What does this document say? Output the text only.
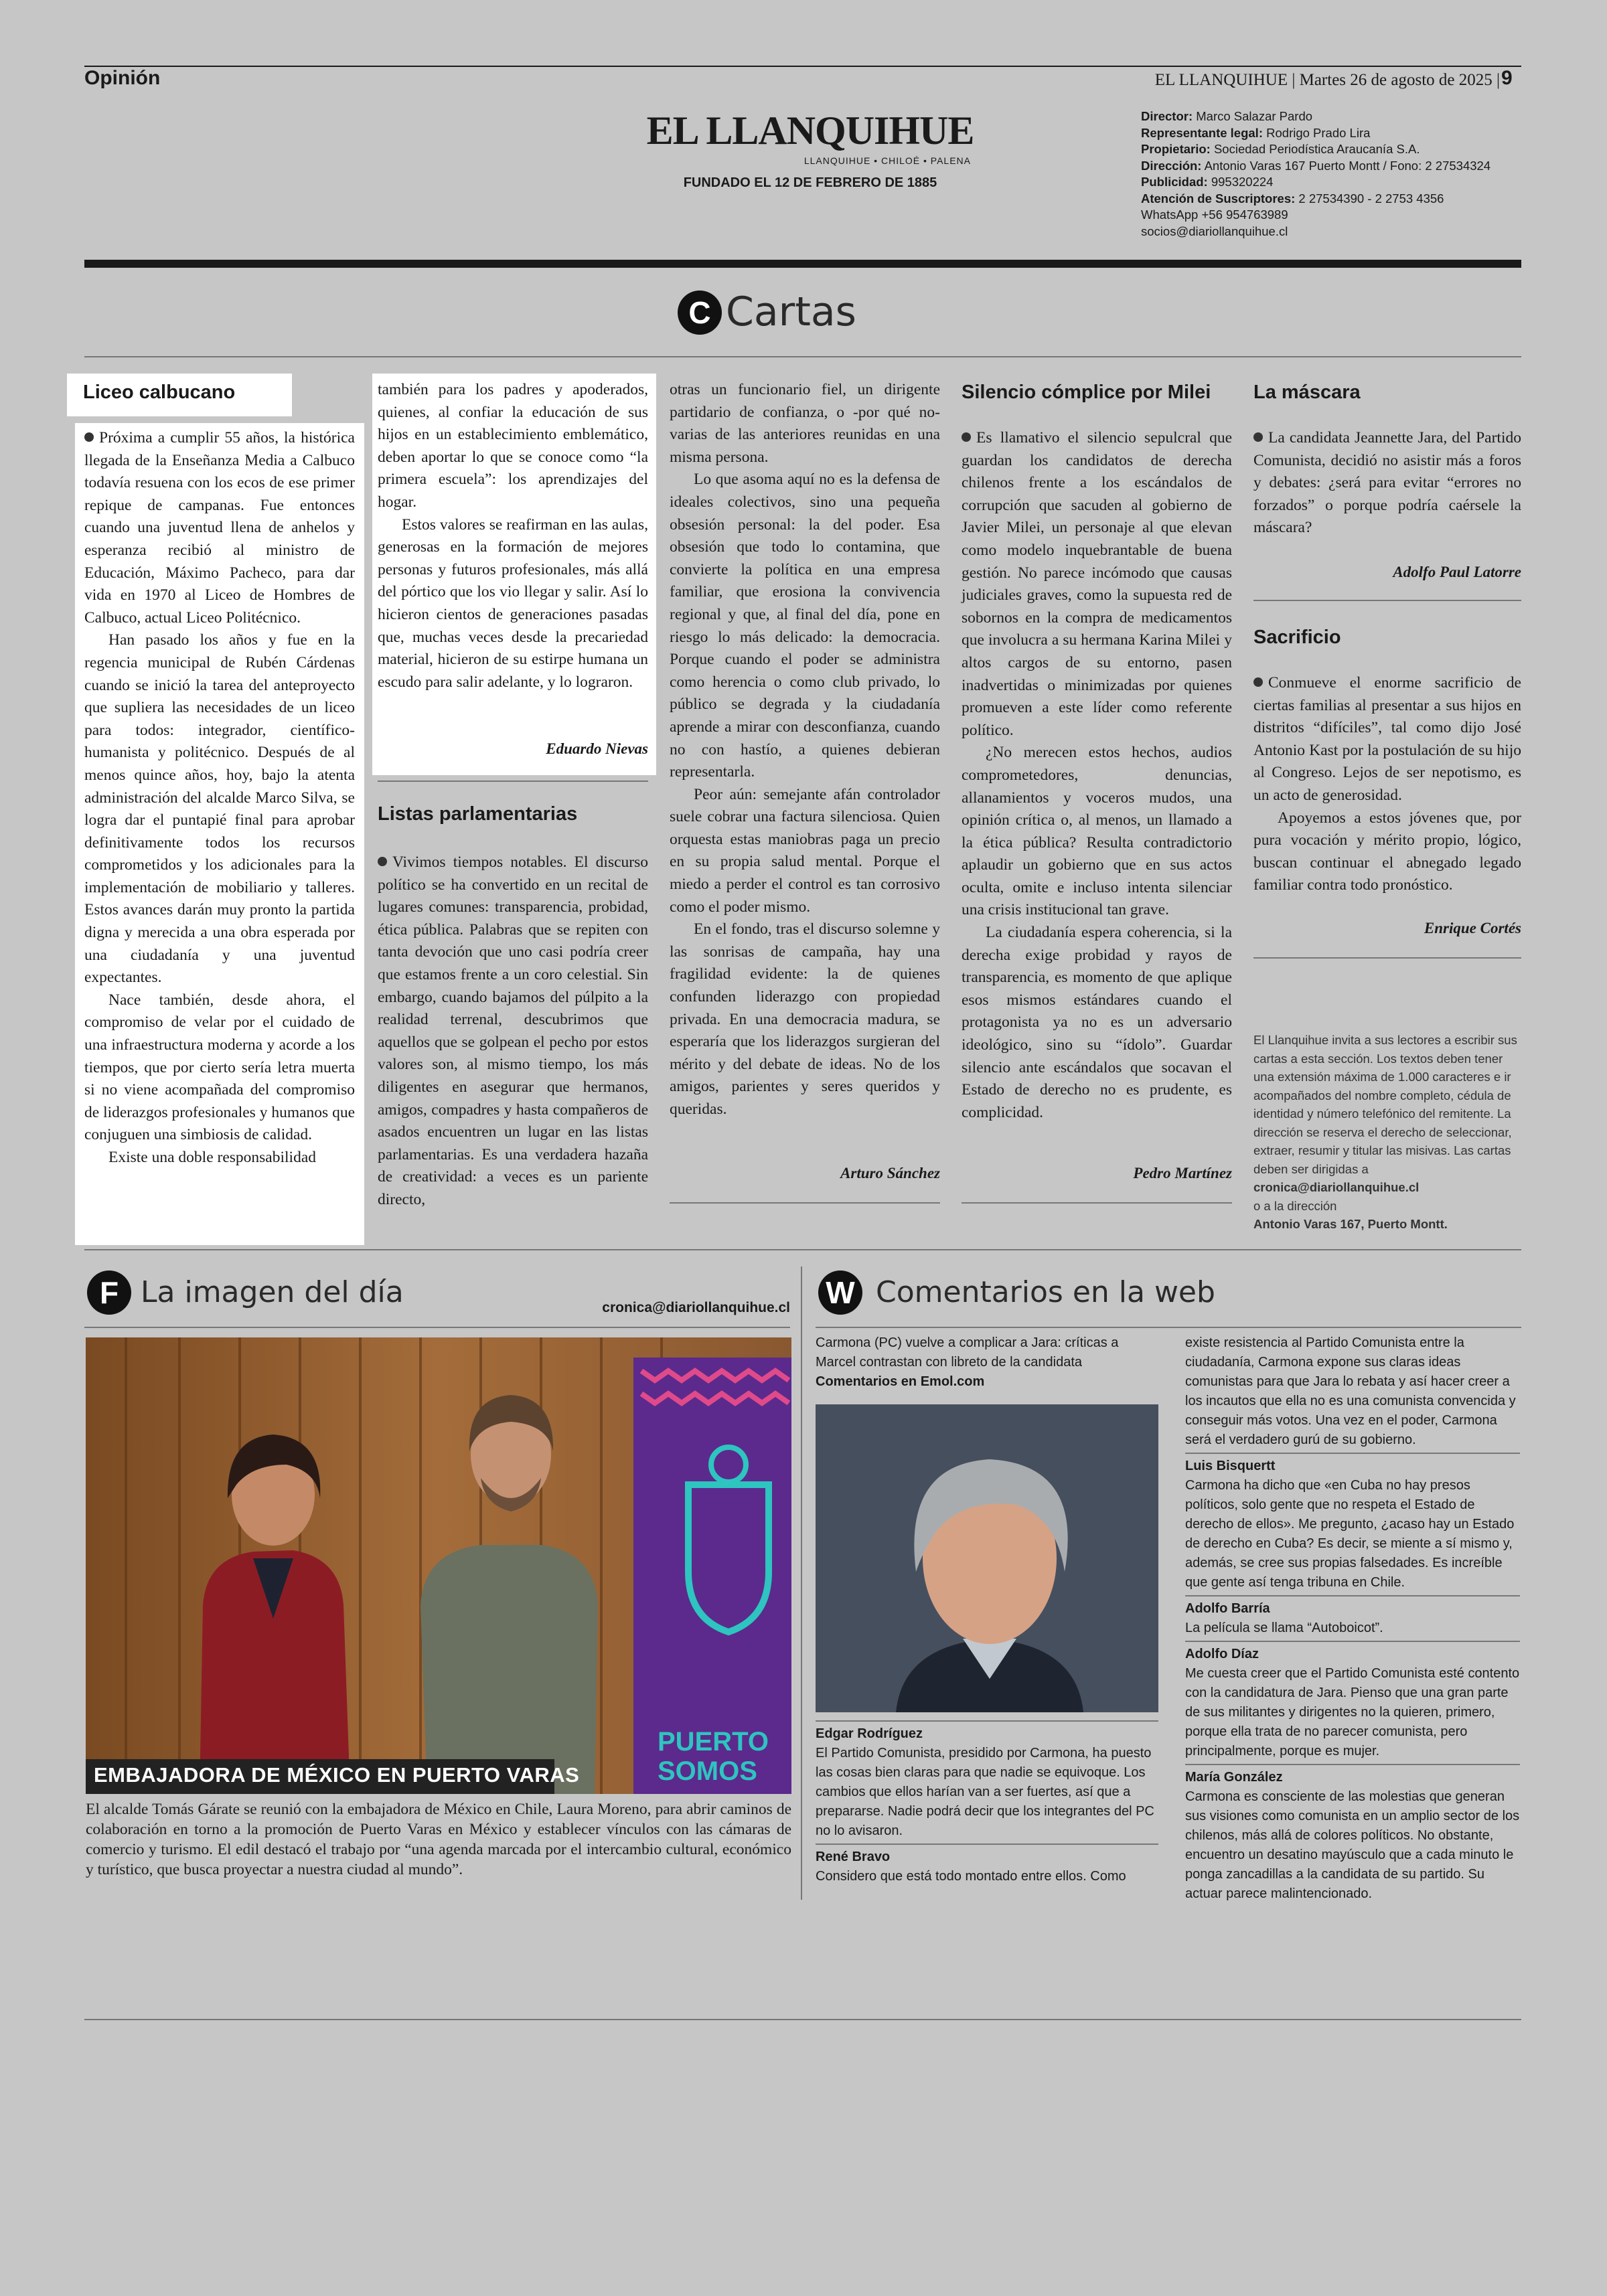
Opinión	EL LLANQUIHUE | Martes 26 de agosto de 2025 | 9
EL LLANQUIHUE
LLANQUIHUE • CHILOÉ • PALENA
FUNDADO EL 12 DE FEBRERO DE 1885
Director: Marco Salazar Pardo
Representante legal: Rodrigo Prado Lira
Propietario: Sociedad Periodística Araucanía S.A.
Dirección: Antonio Varas 167 Puerto Montt / Fono: 2 27534324
Publicidad: 995320224
Atención de Suscriptores: 2 27534390 - 2 2753 4356
WhatsApp +56 954763989
socios@diariollanquihue.cl
C Cartas
Liceo calbucano

Próxima a cumplir 55 años, la histórica llegada de la Enseñanza Media a Calbuco todavía resuena con los ecos de ese primer repique de campanas. Fue entonces cuando una juventud llena de anhelos y esperanza recibió al ministro de Educación, Máximo Pacheco, para dar vida en 1970 al Liceo de Hombres de Calbuco, actual Liceo Politécnico.

Han pasado los años y fue en la regencia municipal de Rubén Cárdenas cuando se inició la tarea del anteproyecto que supliera las necesidades de un liceo para todos: integrador, científico-humanista y politécnico. Después de al menos quince años, hoy, bajo la atenta administración del alcalde Marco Silva, se logra dar el puntapié final para aprobar definitivamente todos los recursos comprometidos y los adicionales para la implementación de mobiliario y talleres. Estos avances darán muy pronto la partida digna y merecida a una obra esperada por una ciudadanía y una juventud expectantes.

Nace también, desde ahora, el compromiso de velar por el cuidado de una infraestructura moderna y acorde a los tiempos, que por cierto sería letra muerta si no viene acompañada del compromiso de liderazgos profesionales y humanos que conjuguen una simbiosis de calidad.

Existe una doble responsabilidad

también para los padres y apoderados, quienes, al confiar la educación de sus hijos en un establecimiento emblemático, deben aportar lo que se conoce como “la primera escuela”: los aprendizajes del hogar.

Estos valores se reafirman en las aulas, generosas en la formación de mejores personas y futuros profesionales, más allá del pórtico que los vio llegar y salir. Así lo hicieron cientos de generaciones pasadas que, muchas veces desde la precariedad material, hicieron de su estirpe humana un escudo para salir adelante, y lo lograron.

Eduardo Nievas
Listas parlamentarias

Vivimos tiempos notables. El discurso político se ha convertido en un recital de lugares comunes: transparencia, probidad, ética pública. Palabras que se repiten con tanta devoción que uno casi podría creer que estamos frente a un coro celestial. Sin embargo, cuando bajamos del púlpito a la realidad terrenal, descubrimos que aquellos que se golpean el pecho por estos valores son, al mismo tiempo, los más diligentes en asegurar que hermanos, amigos, compadres y hasta compañeros de asados encuentren un lugar en las listas parlamentarias. Es una verdadera hazaña de creatividad: a veces es un pariente directo,

otras un funcionario fiel, un dirigente partidario de confianza, o -por qué no- varias de las anteriores reunidas en una misma persona.

Lo que asoma aquí no es la defensa de ideales colectivos, sino una pequeña obsesión personal: la del poder. Esa obsesión que todo lo contamina, que convierte la política en una empresa familiar, que erosiona la convivencia regional y que, al final del día, pone en riesgo lo más delicado: la democracia. Porque cuando el poder se administra como herencia o como club privado, lo público se degrada y la ciudadanía aprende a mirar con desconfianza, cuando no con hastío, a quienes debieran representarla.

Peor aún: semejante afán controlador suele cobrar una factura silenciosa. Quien orquesta estas maniobras paga un precio en su propia salud mental. Porque el miedo a perder el control es tan corrosivo como el poder mismo.

En el fondo, tras el discurso solemne y las sonrisas de campaña, hay una fragilidad evidente: la de quienes confunden liderazgo con propiedad privada. En una democracia madura, se esperaría que los liderazgos surgieran del mérito y del debate de ideas. No de los amigos, parientes y seres queridos y queridas.

Arturo Sánchez
Silencio cómplice por Milei

Es llamativo el silencio sepulcral que guardan los candidatos de derecha chilenos frente a los escándalos de corrupción que sacuden al gobierno de Javier Milei, un personaje al que elevan como modelo inquebrantable de buena gestión. No parece incómodo que causas judiciales graves, como la supuesta red de sobornos en la compra de medicamentos que involucra a su hermana Karina Milei y altos cargos de su entorno, pasen inadvertidas o minimizadas por quienes promueven a este líder como referente político.

¿No merecen estos hechos, audios comprometedores, denuncias, allanamientos y voceros mudos, una opinión crítica o, al menos, un llamado a la ética pública? Resulta contradictorio aplaudir un gobierno que en sus actos oculta, omite e incluso intenta silenciar una crisis institucional tan grave.

La ciudadanía espera coherencia, si la derecha exige probidad y rayos de transparencia, es momento de que aplique esos mismos estándares cuando el protagonista ya no es un adversario ideológico, sino su “ídolo”. Guardar silencio ante escándalos que socavan el Estado de derecho no es prudente, es complicidad.

Pedro Martínez
La máscara

La candidata Jeannette Jara, del Partido Comunista, decidió no asistir más a foros y debates: ¿será para evitar “errores no forzados” o porque podría caérsele la máscara?

Adolfo Paul Latorre
Sacrificio

Conmueve el enorme sacrificio de ciertas familias al presentar a sus hijos en distritos “difíciles”, tal como dijo José Antonio Kast por la postulación de su hijo al Congreso. Lejos de ser nepotismo, es un acto de generosidad.

Apoyemos a estos jóvenes que, por pura vocación y mérito propio, lógico, buscan continuar el abnegado legado familiar contra todo pronóstico.

Enrique Cortés
El Llanquihue invita a sus lectores a escribir sus cartas a esta sección. Los textos deben tener una extensión máxima de 1.000 caracteres e ir acompañados del nombre completo, cédula de identidad y número telefónico del remitente. La dirección se reserva el derecho de seleccionar, extraer, resumir y titular las misivas. Las cartas deben ser dirigidas a
cronica@diariollanquihue.cl
o a la dirección
Antonio Varas 167, Puerto Montt.
F La imagen del día	cronica@diariollanquihue.cl
EMBAJADORA DE MÉXICO EN PUERTO VARAS
PUERTO
SOMOS
El alcalde Tomás Gárate se reunió con la embajadora de México en Chile, Laura Moreno, para abrir caminos de colaboración en torno a la promoción de Puerto Varas en México y establecer vínculos con las cámaras de comercio y turismo. El edil destacó el trabajo por “una agenda marcada por el intercambio cultural, económico y turístico, que busca proyectar a nuestra ciudad al mundo”.
W Comentarios en la web
Carmona (PC) vuelve a complicar a Jara: críticas a Marcel contrastan con libreto de la candidata
Comentarios en Emol.com
Edgar Rodríguez
El Partido Comunista, presidido por Carmona, ha puesto las cosas bien claras para que nadie se equivoque. Los cambios que ellos harían van a ser fuertes, así que a prepararse. Nadie podrá decir que los integrantes del PC no lo avisaron.
René Bravo
Considero que está todo montado entre ellos. Como
existe resistencia al Partido Comunista entre la ciudadanía, Carmona expone sus claras ideas comunistas para que Jara lo rebata y así hacer creer a los incautos que ella no es una comunista convencida y conseguir más votos. Una vez en el poder, Carmona será el verdadero gurú de su gobierno.
Luis Bisquertt
Carmona ha dicho que «en Cuba no hay presos políticos, solo gente que no respeta el Estado de derecho de ellos». Me pregunto, ¿acaso hay un Estado de derecho en Cuba? Es decir, se miente a sí mismo y, además, se cree sus propias falsedades. Es increíble que gente así tenga tribuna en Chile.
Adolfo Barría
La película se llama “Autoboicot”.
Adolfo Díaz
Me cuesta creer que el Partido Comunista esté contento con la candidatura de Jara. Pienso que una gran parte de sus militantes y dirigentes no la quieren, primero, porque ella trata de no parecer comunista, pero principalmente, porque es mujer.
María González
Carmona es consciente de las molestias que generan sus visiones como comunista en un amplio sector de los chilenos, más allá de colores políticos. No obstante, encuentro un desatino mayúsculo que a cada minuto le ponga zancadillas a la candidata de su partido. Su actuar parece malintencionado.
